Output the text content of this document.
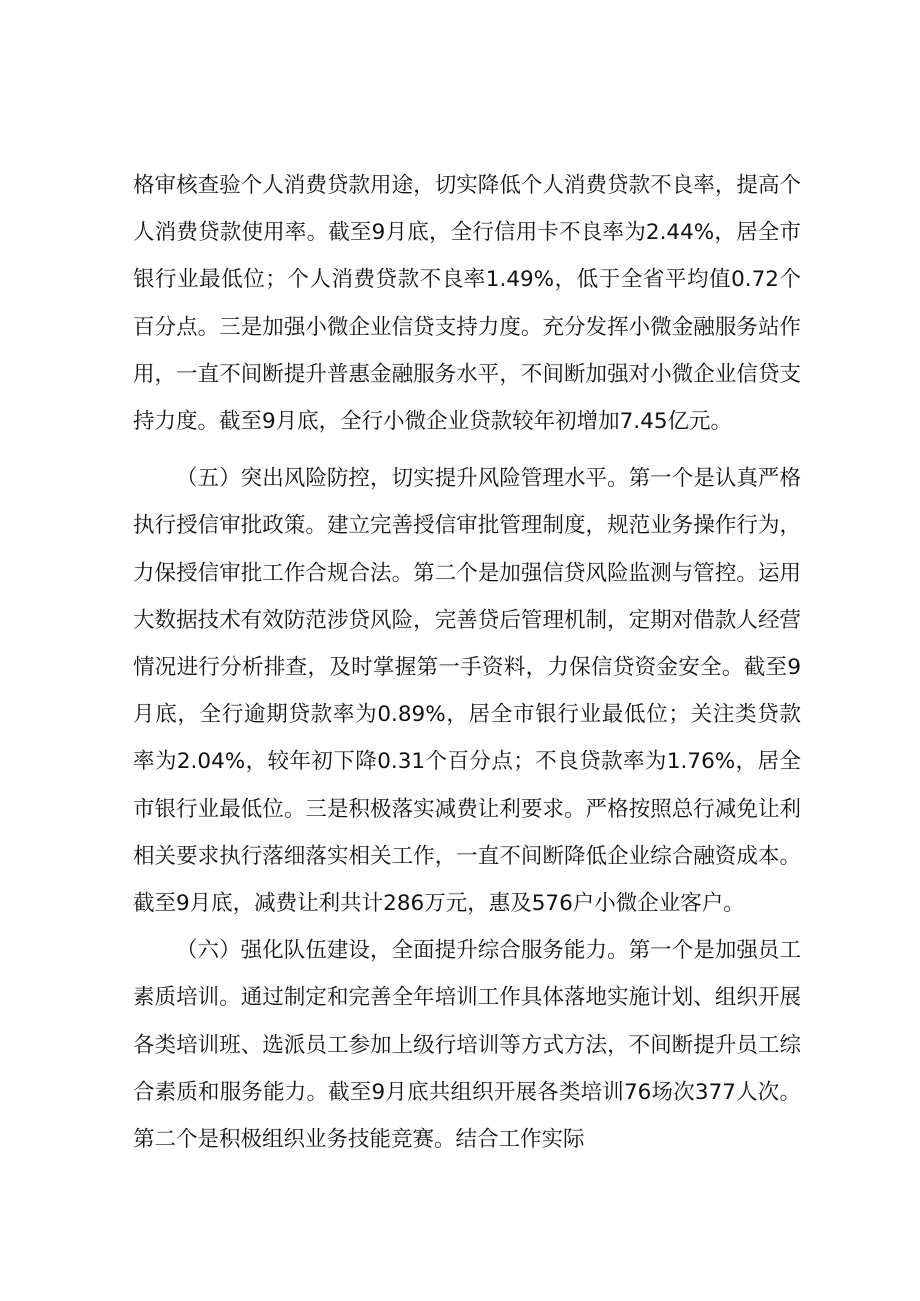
格审核查验个人消费贷款用途，切实降低个人消费贷款不良率，提高个人消费贷款使用率。截至9月底，全行信用卡不良率为2.44%，居全市银行业最低位；个人消费贷款不良率1.49%，低于全省平均值0.72个百分点。三是加强小微企业信贷支持力度。充分发挥小微金融服务站作用，一直不间断提升普惠金融服务水平，不间断加强对小微企业信贷支持力度。截至9月底，全行小微企业贷款较年初增加7.45亿元。

（五）突出风险防控，切实提升风险管理水平。第一个是认真严格执行授信审批政策。建立完善授信审批管理制度，规范业务操作行为，力保授信审批工作合规合法。第二个是加强信贷风险监测与管控。运用大数据技术有效防范涉贷风险，完善贷后管理机制，定期对借款人经营情况进行分析排查，及时掌握第一手资料，力保信贷资金安全。截至9月底，全行逾期贷款率为0.89%，居全市银行业最低位；关注类贷款率为2.04%，较年初下降0.31个百分点；不良贷款率为1.76%，居全市银行业最低位。三是积极落实减费让利要求。严格按照总行减免让利相关要求执行落细落实相关工作，一直不间断降低企业综合融资成本。截至9月底，减费让利共计286万元，惠及576户小微企业客户。

（六）强化队伍建设，全面提升综合服务能力。第一个是加强员工素质培训。通过制定和完善全年培训工作具体落地实施计划、组织开展各类培训班、选派员工参加上级行培训等方式方法，不间断提升员工综合素质和服务能力。截至9月底共组织开展各类培训76场次377人次。第二个是积极组织业务技能竞赛。结合工作实际
